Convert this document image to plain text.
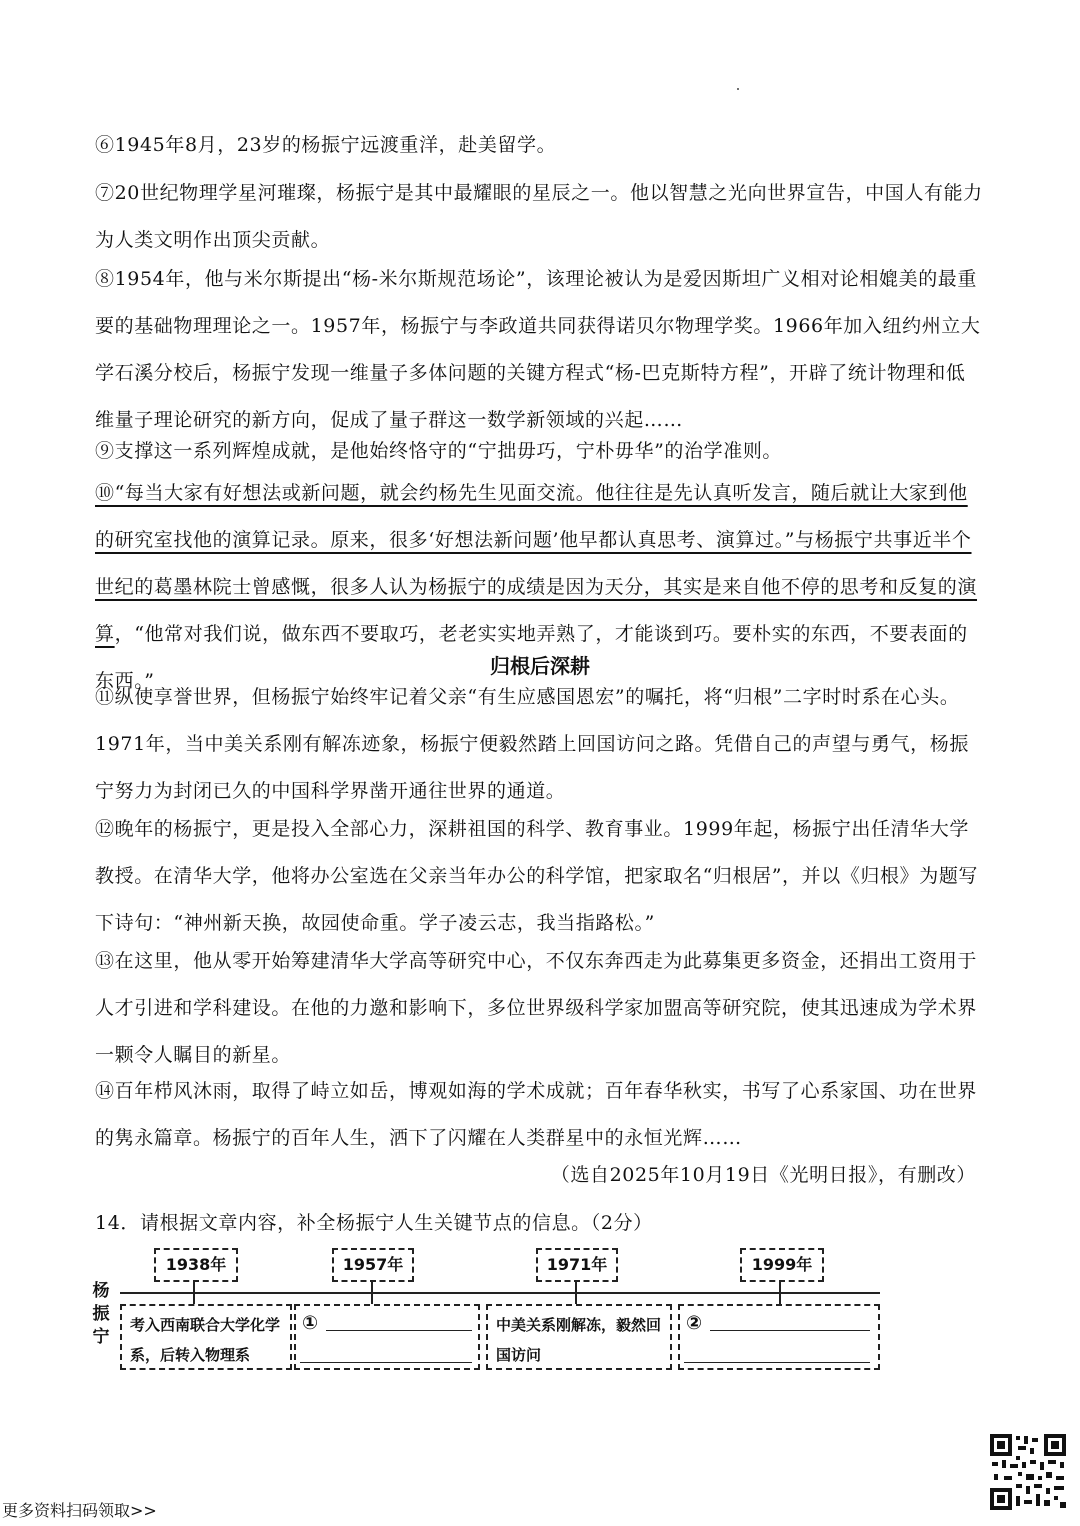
⑥1945年8月，23岁的杨振宁远渡重洋，赴美留学。

⑦20世纪物理学星河璀璨，杨振宁是其中最耀眼的星辰之一。他以智慧之光向世界宣告，中国人有能力为人类文明作出顶尖贡献。

⑧1954年，他与米尔斯提出“杨-米尔斯规范场论”，该理论被认为是爱因斯坦广义相对论相媲美的最重要的基础物理理论之一。1957年，杨振宁与李政道共同获得诺贝尔物理学奖。1966年加入纽约州立大学石溪分校后，杨振宁发现一维量子多体问题的关键方程式“杨-巴克斯特方程”，开辟了统计物理和低维量子理论研究的新方向，促成了量子群这一数学新领域的兴起……

⑨支撑这一系列辉煌成就，是他始终恪守的“宁拙毋巧，宁朴毋华”的治学准则。

⑩“每当大家有好想法或新问题，就会约杨先生见面交流。他往往是先认真听发言，随后就让大家到他的研究室找他的演算记录。原来，很多‘好想法新问题’他早都认真思考、演算过。”与杨振宁共事近半个世纪的葛墨林院士曾感慨，很多人认为杨振宁的成绩是因为天分，其实是来自他不停的思考和反复的演算，“他常对我们说，做东西不要取巧，老老实实地弄熟了，才能谈到巧。要朴实的东西，不要表面的东西。”

归根后深耕

⑪纵使享誉世界，但杨振宁始终牢记着父亲“有生应感国恩宏”的嘱托，将“归根”二字时时系在心头。1971年，当中美关系刚有解冻迹象，杨振宁便毅然踏上回国访问之路。凭借自己的声望与勇气，杨振宁努力为封闭已久的中国科学界凿开通往世界的通道。

⑫晚年的杨振宁，更是投入全部心力，深耕祖国的科学、教育事业。1999年起，杨振宁出任清华大学教授。在清华大学，他将办公室选在父亲当年办公的科学馆，把家取名“归根居”，并以《归根》为题写下诗句：“神州新天换，故园使命重。学子凌云志，我当指路松。”

⑬在这里，他从零开始筹建清华大学高等研究中心，不仅东奔西走为此募集更多资金，还捐出工资用于人才引进和学科建设。在他的力邀和影响下，多位世界级科学家加盟高等研究院，使其迅速成为学术界一颗令人瞩目的新星。

⑭百年栉风沐雨，取得了峙立如岳，博观如海的学术成就；百年春华秋实，书写了心系家国、功在世界的隽永篇章。杨振宁的百年人生，洒下了闪耀在人类群星中的永恒光辉……

（选自2025年10月19日《光明日报》，有删改）
14．请根据文章内容，补全杨振宁人生关键节点的信息。（2分）
杨
振
宁
1938年	1957年	1971年	1999年
考入西南联合大学化学系，后转入物理系
①	中美关系刚解冻，毅然回国访问
②
更多资料扫码领取>>
